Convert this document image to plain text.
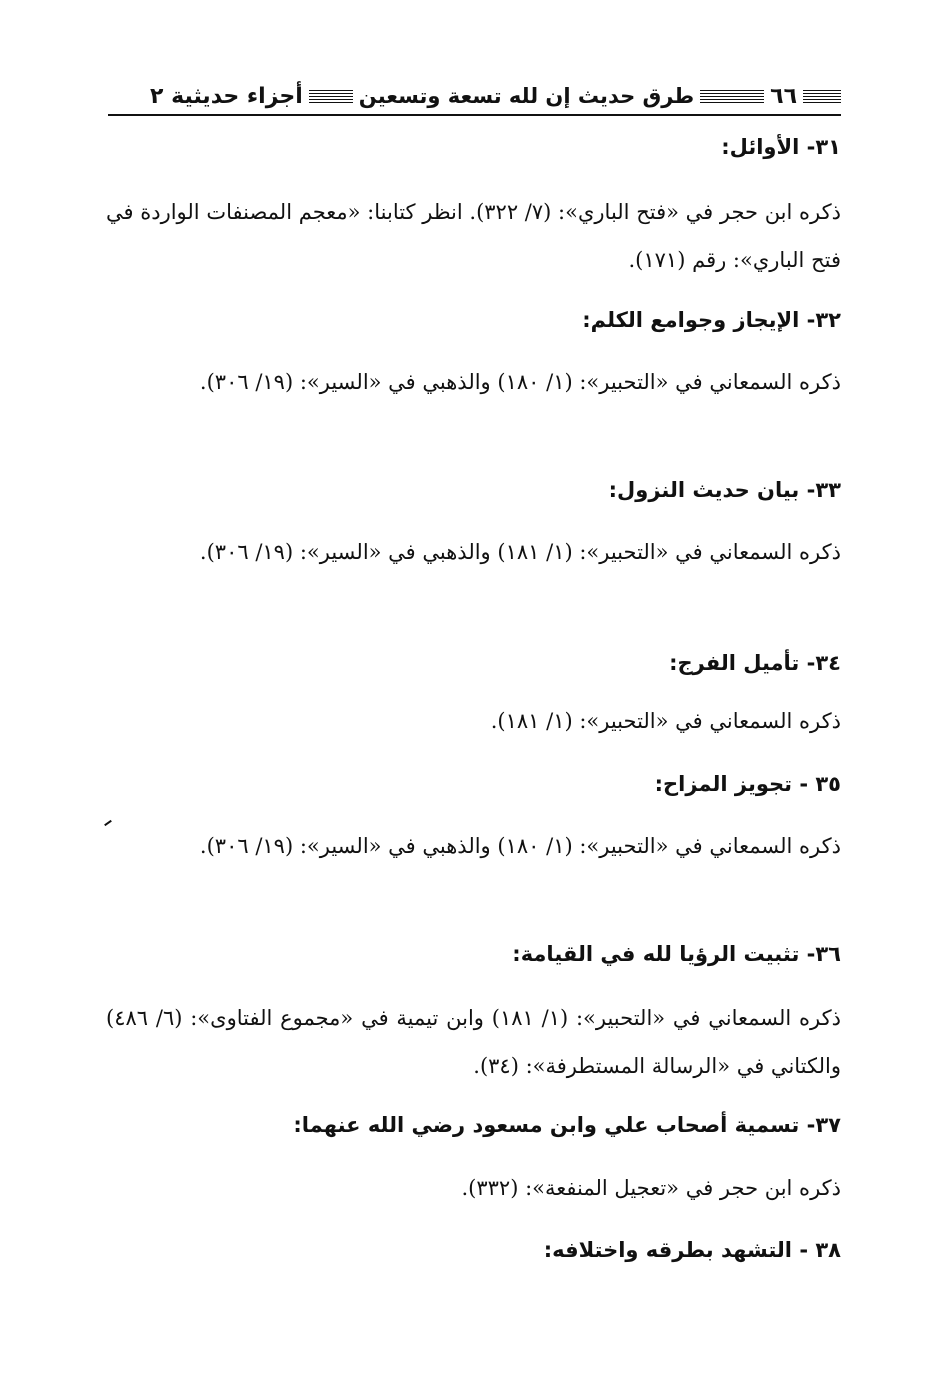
٦٦
طرق حديث إن لله تسعة وتسعين
أجزاء حديثية ٢
٣١- الأوائل:
ذكره ابن حجر في «فتح الباري»: (٧/ ٣٢٢). انظر كتابنا: «معجم المصنفات الواردة في فتح الباري»: رقم (١٧١).
٣٢- الإيجاز وجوامع الكلم:
ذكره السمعاني في «التحبير»: (١/ ١٨٠) والذهبي في «السير»: (١٩/ ٣٠٦).
٣٣- بيان حديث النزول:
ذكره السمعاني في «التحبير»: (١/ ١٨١) والذهبي في «السير»: (١٩/ ٣٠٦).
٣٤- تأميل الفرج:
ذكره السمعاني في «التحبير»: (١/ ١٨١).
٣٥ - تجويز المزاح:
ذكره السمعاني في «التحبير»: (١/ ١٨٠) والذهبي في «السير»: (١٩/ ٣٠٦).
٣٦- تثبيت الرؤيا لله في القيامة:
ذكره السمعاني في «التحبير»: (١/ ١٨١) وابن تيمية في «مجموع الفتاوى»: (٦/ ٤٨٦) والكتاني في «الرسالة المستطرفة»: (٣٤).
٣٧- تسمية أصحاب علي وابن مسعود رضي الله عنهما:
ذكره ابن حجر في «تعجيل المنفعة»: (٣٣٢).
٣٨ - التشهد بطرقه واختلافه:
